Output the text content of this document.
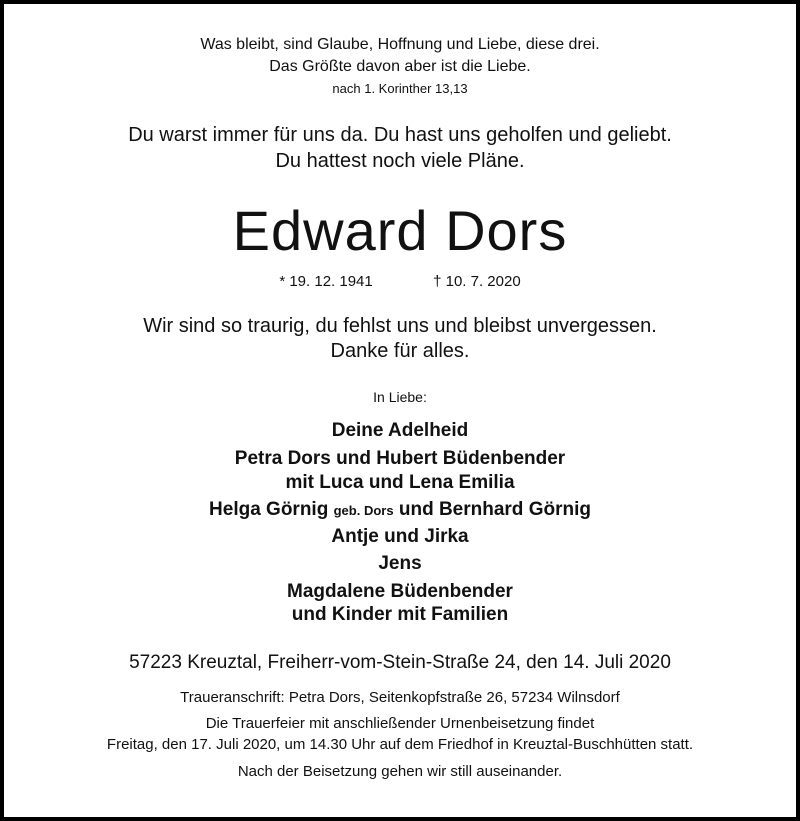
Was bleibt, sind Glaube, Hoffnung und Liebe, diese drei.
Das Größte davon aber ist die Liebe.
nach 1. Korinther 13,13
Du warst immer für uns da. Du hast uns geholfen und geliebt.
Du hattest noch viele Pläne.
Edward Dors
* 19. 12. 1941	† 10. 7. 2020
Wir sind so traurig, du fehlst uns und bleibst unvergessen.
Danke für alles.
In Liebe:
Deine Adelheid
Petra Dors und Hubert Büdenbender
mit Luca und Lena Emilia
Helga Görnig geb. Dors und Bernhard Görnig
Antje und Jirka
Jens
Magdalene Büdenbender
und Kinder mit Familien
57223 Kreuztal, Freiherr-vom-Stein-Straße 24, den 14. Juli 2020
Traueranschrift: Petra Dors, Seitenkopfstraße 26, 57234 Wilnsdorf
Die Trauerfeier mit anschließender Urnenbeisetzung findet
Freitag, den 17. Juli 2020, um 14.30 Uhr auf dem Friedhof in Kreuztal-Buschhütten statt.
Nach der Beisetzung gehen wir still auseinander.
